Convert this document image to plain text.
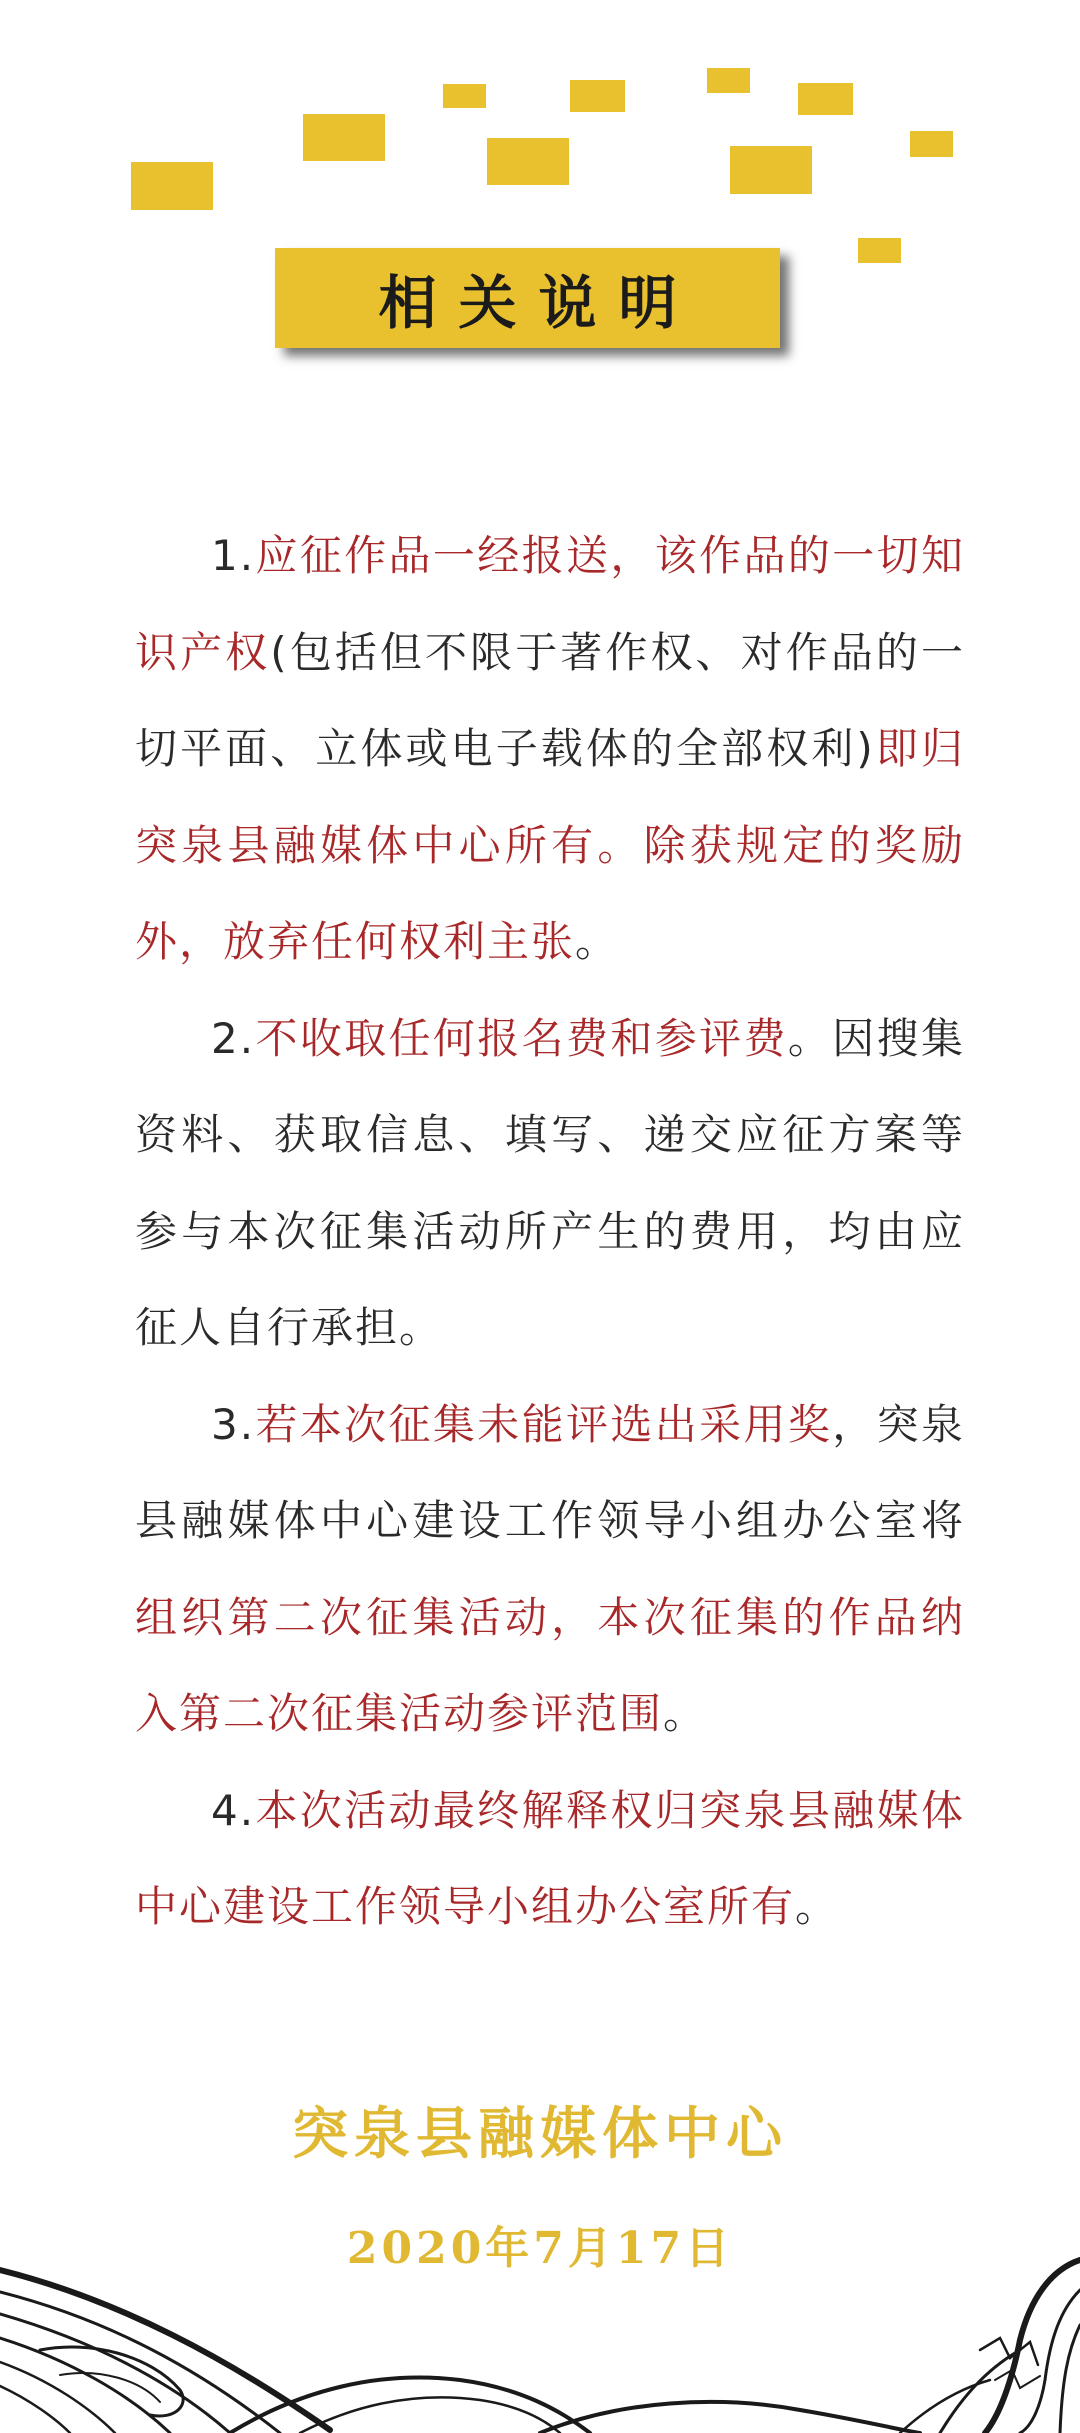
相关说明

1.应征作品一经报送，该作品的一切知识产权(包括但不限于著作权、对作品的一切平面、立体或电子载体的全部权利)即归突泉县融媒体中心所有。除获规定的奖励外，放弃任何权利主张。

2.不收取任何报名费和参评费。因搜集资料、获取信息、填写、递交应征方案等参与本次征集活动所产生的费用，均由应征人自行承担。

3.若本次征集未能评选出采用奖，突泉县融媒体中心建设工作领导小组办公室将组织第二次征集活动，本次征集的作品纳入第二次征集活动参评范围。

4.本次活动最终解释权归突泉县融媒体中心建设工作领导小组办公室所有。

突泉县融媒体中心
2020年7月17日
